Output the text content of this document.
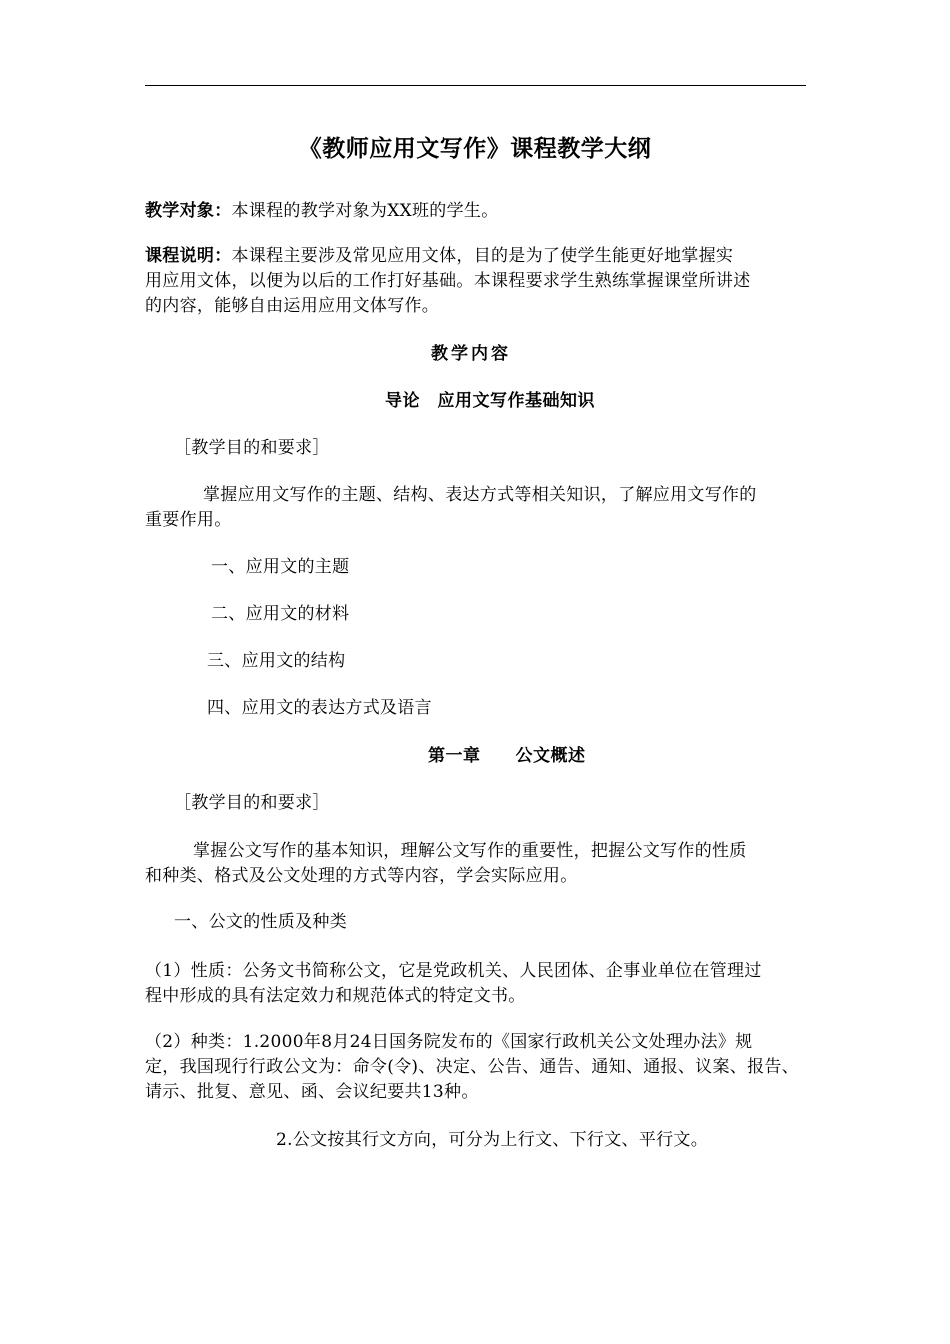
《教师应用文写作》课程教学大纲
教学对象：本课程的教学对象为XX班的学生。
课程说明：本课程主要涉及常见应用文体，目的是为了使学生能更好地掌握实
用应用文体，以便为以后的工作打好基础。本课程要求学生熟练掌握课堂所讲述
的内容，能够自由运用应用文体写作。
教学内容
导论　应用文写作基础知识
［教学目的和要求］
掌握应用文写作的主题、结构、表达方式等相关知识，了解应用文写作的
重要作用。
一、应用文的主题
二、应用文的材料
三、应用文的结构
四、应用文的表达方式及语言
第一章　　公文概述
［教学目的和要求］
掌握公文写作的基本知识，理解公文写作的重要性，把握公文写作的性质
和种类、格式及公文处理的方式等内容，学会实际应用。
一、公文的性质及种类
（1）性质：公务文书简称公文，它是党政机关、人民团体、企事业单位在管理过
程中形成的具有法定效力和规范体式的特定文书。
（2）种类：1.2000年8月24日国务院发布的《国家行政机关公文处理办法》规
定，我国现行行政公文为：命令(令)、决定、公告、通告、通知、通报、议案、报告、
请示、批复、意见、函、会议纪要共13种。
2.公文按其行文方向，可分为上行文、下行文、平行文。
